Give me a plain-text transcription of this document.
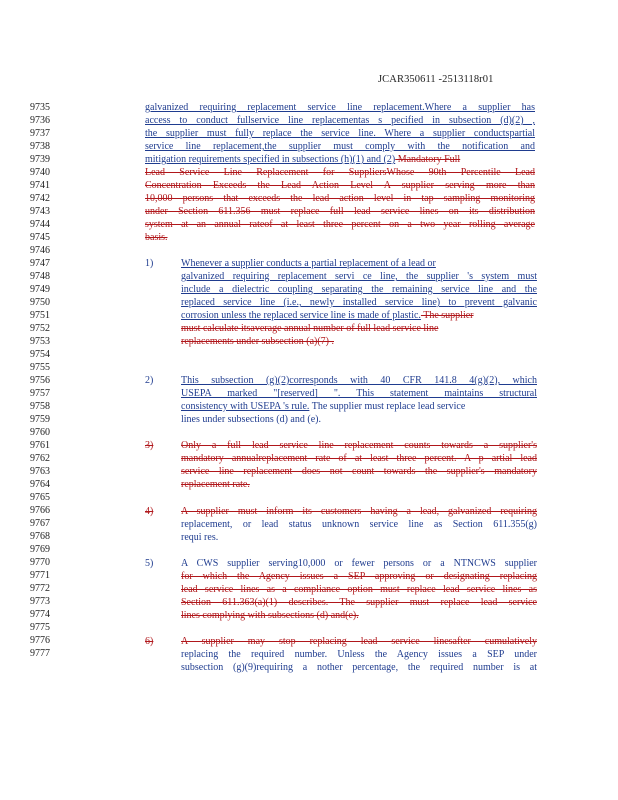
JCAR350611 -2513118r01
9735
9736
9737
9738
9739
9740
9741
9742
9743
9744
9745
9746
9747
9748
9749
9750
9751
9752
9753
9754
9755
9756
9757
9758
9759
9760
9761
9762
9763
9764
9765
9766
9767
9768
9769
9770
9771
9772
9773
9774
9775
9776
9777
galvanized requiring replacement service line replacement.Where a supplier has
access to conduct fullservice line replacementas s pecified in subsection (d)(2) ,
the supplier must fully replace the service line. Where a supplier conductspartial
service line replacement,the supplier must comply with the notification and
mitigation requirements specified in subsections (h)(1) and (2) Mandatory Full
Lead Service Line Replacement for SuppliersWhose 90th Percentile Lead
Concentration Exceeds the Lead Action Level A supplier serving more than
10,000 persons that exceeds the lead action level in tap sampling monitoring
under Section 611.356 must replace full lead service lines on its distribution
system at an annual rateof at least three percent on a two year rolling average
basis.
1)	Whenever a supplier conducts a partial replacement of a lead or
galvanized requiring replacement servi ce line, the supplier 's system must
include a dielectric coupling separating the remaining service line and the
replaced service line (i.e., newly installed service line) to prevent galvanic
corrosion unless the replaced service line is made of plastic. The supplier
must calculate itsaverage annual number of full lead service line
replacements under subsection (a)(7) .
2)	This subsection (g)(2)corresponds with 40 CFR 141.8 4(g)(2), which
USEPA marked "[reserved] ". This statement maintains structural
consistency with USEPA 's rule. The supplier must replace lead service
lines under subsections (d) and (e).
3)	Only a full lead service line replacement counts towards a supplier's
mandatory annualreplacement rate of at least three percent. A p artial lead
service line replacement does not count towards the supplier's mandatory
replacement rate.
4)	A supplier must inform its customers having a lead, galvanized requiring
replacement, or lead status unknown service line as Section 611.355(g)
requi res.
5)	A CWS supplier serving10,000 or fewer persons or a NTNCWS supplier
for which the Agency issues a SEP approving or designating replacing
lead service lines as a compliance option must replace lead service lines as
Section 611.363(a)(1) describes. The supplier must replace lead service
lines complying with subsections (d) and(e).
6)	A supplier may stop replacing lead service linesafter cumulatively
replacing the required number. Unless the Agency issues a SEP under
subsection (g)(9)requiring a nother percentage, the required number is at
